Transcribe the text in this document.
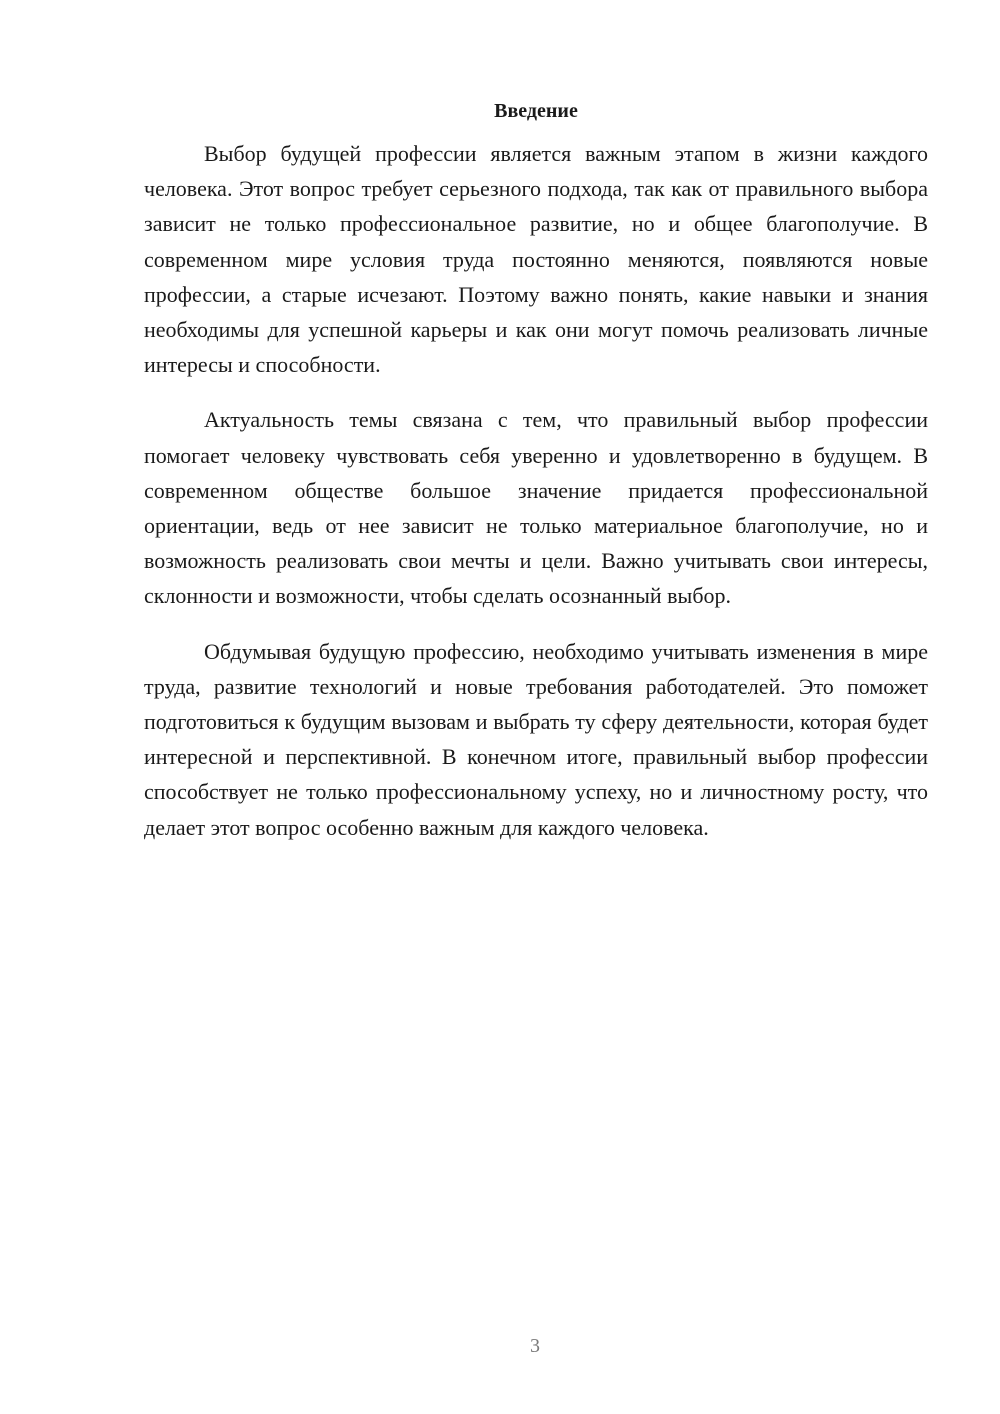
Введение

Выбор будущей профессии является важным этапом в жизни каждого человека. Этот вопрос требует серьезного подхода, так как от правильного выбора зависит не только профессиональное развитие, но и общее благополучие. В современном мире условия труда постоянно меняются, появляются новые профессии, а старые исчезают. Поэтому важно понять, какие навыки и знания необходимы для успешной карьеры и как они могут помочь реализовать личные интересы и способности.

Актуальность темы связана с тем, что правильный выбор профессии помогает человеку чувствовать себя уверенно и удовлетворенно в будущем. В современном обществе большое значение придается профессиональной ориентации, ведь от нее зависит не только материальное благополучие, но и возможность реализовать свои мечты и цели. Важно учитывать свои интересы, склонности и возможности, чтобы сделать осознанный выбор.

Обдумывая будущую профессию, необходимо учитывать изменения в мире труда, развитие технологий и новые требования работодателей. Это поможет подготовиться к будущим вызовам и выбрать ту сферу деятельности, которая будет интересной и перспективной. В конечном итоге, правильный выбор профессии способствует не только профессиональному успеху, но и личностному росту, что делает этот вопрос особенно важным для каждого человека.

3
